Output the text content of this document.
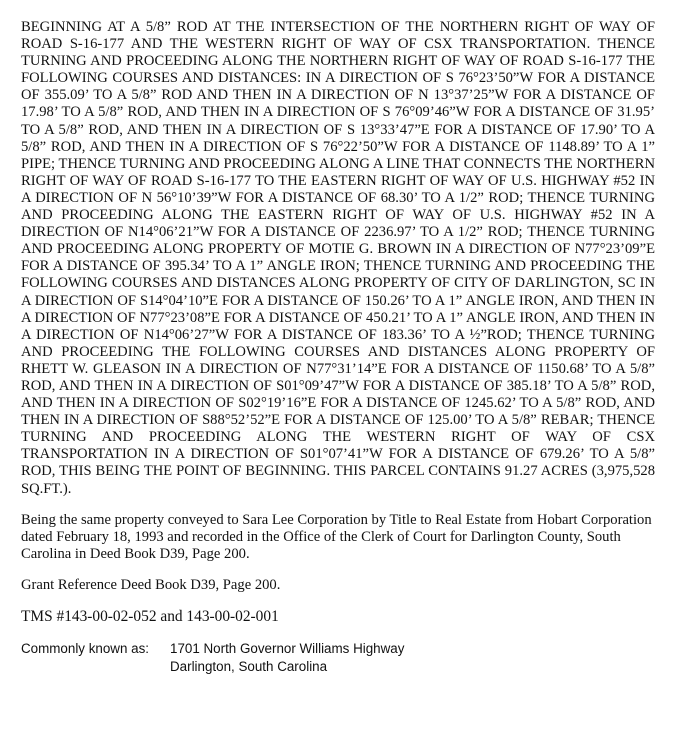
BEGINNING AT A 5/8” ROD AT THE INTERSECTION OF THE NORTHERN RIGHT OF WAY OF ROAD S-16-177 AND THE WESTERN RIGHT OF WAY OF CSX TRANSPORTATION. THENCE TURNING AND PROCEEDING ALONG THE NORTHERN RIGHT OF WAY OF ROAD S-16-177 THE FOLLOWING COURSES AND DISTANCES: IN A DIRECTION OF S 76°23’50”W FOR A DISTANCE OF 355.09’ TO A 5/8” ROD AND THEN IN A DIRECTION OF N 13°37’25”W FOR A DISTANCE OF 17.98’ TO A 5/8” ROD, AND THEN IN A DIRECTION OF S 76°09’46”W FOR A DISTANCE OF 31.95’ TO A 5/8” ROD, AND THEN IN A DIRECTION OF S 13°33’47”E FOR A DISTANCE OF 17.90’ TO A 5/8” ROD, AND THEN IN A DIRECTION OF S 76°22’50”W FOR A DISTANCE OF 1148.89’ TO A 1” PIPE; THENCE TURNING AND PROCEEDING ALONG A LINE THAT CONNECTS THE NORTHERN RIGHT OF WAY OF ROAD S-16-177 TO THE EASTERN RIGHT OF WAY OF U.S. HIGHWAY #52 IN A DIRECTION OF N 56°10’39”W FOR A DISTANCE OF 68.30’ TO A 1/2” ROD; THENCE TURNING AND PROCEEDING ALONG THE EASTERN RIGHT OF WAY OF U.S. HIGHWAY #52 IN A DIRECTION OF N14°06’21”W FOR A DISTANCE OF 2236.97’ TO A 1/2” ROD; THENCE TURNING AND PROCEEDING ALONG PROPERTY OF MOTIE G. BROWN IN A DIRECTION OF N77°23’09”E FOR A DISTANCE OF 395.34’ TO A 1” ANGLE IRON; THENCE TURNING AND PROCEEDING THE FOLLOWING COURSES AND DISTANCES ALONG PROPERTY OF CITY OF DARLINGTON, SC IN A DIRECTION OF S14°04’10”E FOR A DISTANCE OF 150.26’ TO A 1” ANGLE IRON, AND THEN IN A DIRECTION OF N77°23’08”E FOR A DISTANCE OF 450.21’ TO A 1” ANGLE IRON, AND THEN IN A DIRECTION OF N14°06’27”W FOR A DISTANCE OF 183.36’ TO A ½”ROD; THENCE TURNING AND PROCEEDING THE FOLLOWING COURSES AND DISTANCES ALONG PROPERTY OF RHETT W. GLEASON IN A DIRECTION OF N77°31’14”E FOR A DISTANCE OF 1150.68’ TO A 5/8” ROD, AND THEN IN A DIRECTION OF S01°09’47”W FOR A DISTANCE OF 385.18’ TO A 5/8” ROD, AND THEN IN A DIRECTION OF S02°19’16”E FOR A DISTANCE OF 1245.62’ TO A 5/8” ROD, AND THEN IN A DIRECTION OF S88°52’52”E FOR A DISTANCE OF 125.00’ TO A 5/8” REBAR; THENCE TURNING AND PROCEEDING ALONG THE WESTERN RIGHT OF WAY OF CSX TRANSPORTATION IN A DIRECTION OF S01°07’41”W FOR A DISTANCE OF 679.26’ TO A 5/8” ROD, THIS BEING THE POINT OF BEGINNING. THIS PARCEL CONTAINS 91.27 ACRES (3,975,528 SQ.FT.).

Being the same property conveyed to Sara Lee Corporation by Title to Real Estate from Hobart Corporation dated February 18, 1993 and recorded in the Office of the Clerk of Court for Darlington County, South Carolina in Deed Book D39, Page 200.

Grant Reference Deed Book D39, Page 200.

TMS #143-00-02-052 and 143-00-02-001

Commonly known as:	1701 North Governor Williams Highway
Darlington, South Carolina
